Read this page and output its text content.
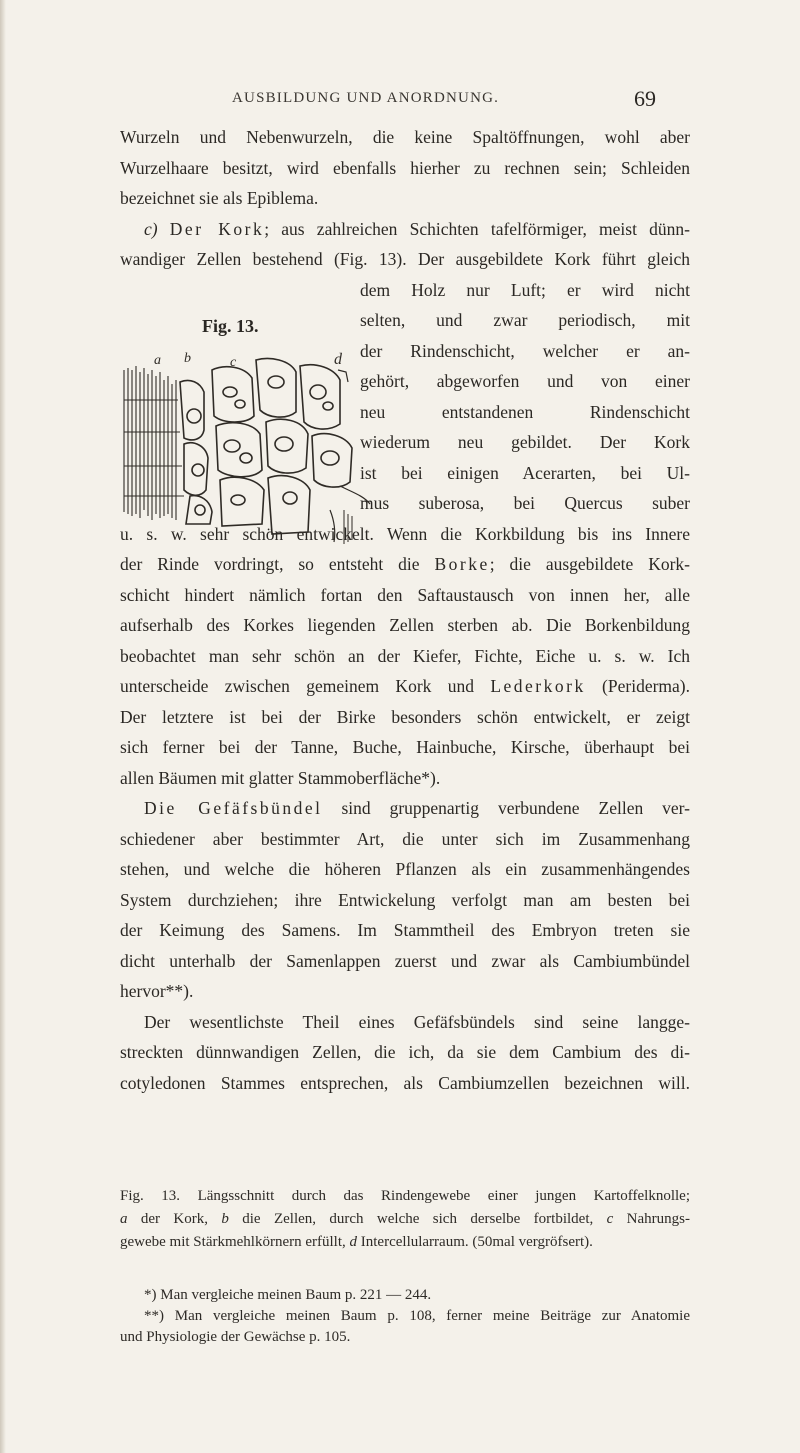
AUSBILDUNG UND ANORDNUNG.	69
Wurzeln und Nebenwurzeln, die keine Spaltöffnungen, wohl aber
Wurzelhaare besitzt, wird ebenfalls hierher zu rechnen sein; Schleiden
bezeichnet sie als Epiblema.
c) Der Kork; aus zahlreichen Schichten tafelförmiger, meist dünn-
wandiger Zellen bestehend (Fig. 13). Der ausgebildete Kork führt gleich
dem Holz nur Luft; er wird nicht
selten, und zwar periodisch, mit
der Rindenschicht, welcher er an-
gehört, abgeworfen und von einer
neu entstandenen Rindenschicht
wiederum neu gebildet. Der Kork
ist bei einigen Acerarten, bei Ul-
mus suberosa, bei Quercus suber
u. s. w. sehr schön entwickelt. Wenn die Korkbildung bis ins Innere
der Rinde vordringt, so entsteht die Borke; die ausgebildete Kork-
schicht hindert nämlich fortan den Saftaustausch von innen her, alle
aufserhalb des Korkes liegenden Zellen sterben ab. Die Borkenbildung
beobachtet man sehr schön an der Kiefer, Fichte, Eiche u. s. w. Ich
unterscheide zwischen gemeinem Kork und Lederkork (Periderma).
Der letztere ist bei der Birke besonders schön entwickelt, er zeigt
sich ferner bei der Tanne, Buche, Hainbuche, Kirsche, überhaupt bei
allen Bäumen mit glatter Stammoberfläche*).
Die Gefäfsbündel sind gruppenartig verbundene Zellen ver-
schiedener aber bestimmter Art, die unter sich im Zusammenhang
stehen, und welche die höheren Pflanzen als ein zusammenhängendes
System durchziehen; ihre Entwickelung verfolgt man am besten bei
der Keimung des Samens. Im Stammtheil des Embryon treten sie
dicht unterhalb der Samenlappen zuerst und zwar als Cambiumbündel
hervor**).
Der wesentlichste Theil eines Gefäfsbündels sind seine langge-
streckten dünnwandigen Zellen, die ich, da sie dem Cambium des di-
cotyledonen Stammes entsprechen, als Cambiumzellen bezeichnen will.
Fig. 13.
a b	c	d
Fig. 13. Längsschnitt durch das Rindengewebe einer jungen Kartoffelknolle;
a der Kork, b die Zellen, durch welche sich derselbe fortbildet, c Nahrungs-
gewebe mit Stärkmehlkörnern erfüllt, d Intercellularraum. (50mal vergröfsert).
*) Man vergleiche meinen Baum p. 221 — 244.
**) Man vergleiche meinen Baum p. 108, ferner meine Beiträge zur Anatomie
und Physiologie der Gewächse p. 105.
